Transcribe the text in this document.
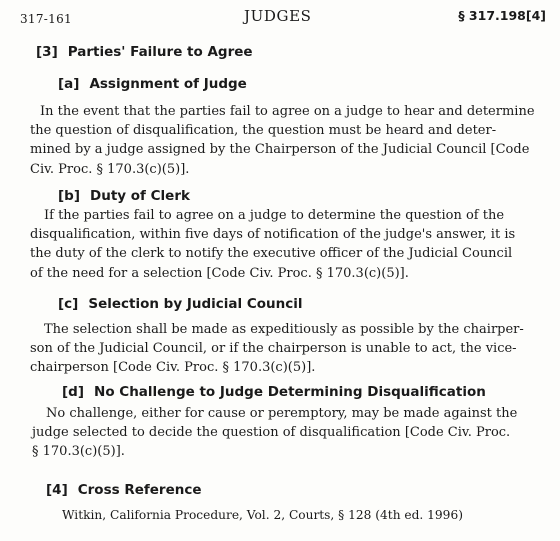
317-161	JUDGES	§ 317.198[4]
[3] Parties' Failure to Agree
[a] Assignment of Judge
In the event that the parties fail to agree on a judge to hear and determine
the question of disqualification, the question must be heard and deter-
mined by a judge assigned by the Chairperson of the Judicial Council [Code
Civ. Proc. § 170.3(c)(5)].
[b] Duty of Clerk
If the parties fail to agree on a judge to determine the question of the
disqualification, within five days of notification of the judge's answer, it is
the duty of the clerk to notify the executive officer of the Judicial Council
of the need for a selection [Code Civ. Proc. § 170.3(c)(5)].
[c] Selection by Judicial Council
The selection shall be made as expeditiously as possible by the chairper-
son of the Judicial Council, or if the chairperson is unable to act, the vice-
chairperson [Code Civ. Proc. § 170.3(c)(5)].
[d] No Challenge to Judge Determining Disqualification
No challenge, either for cause or peremptory, may be made against the
judge selected to decide the question of disqualification [Code Civ. Proc.
§ 170.3(c)(5)].
[4] Cross Reference
Witkin, California Procedure, Vol. 2, Courts, § 128 (4th ed. 1996)
